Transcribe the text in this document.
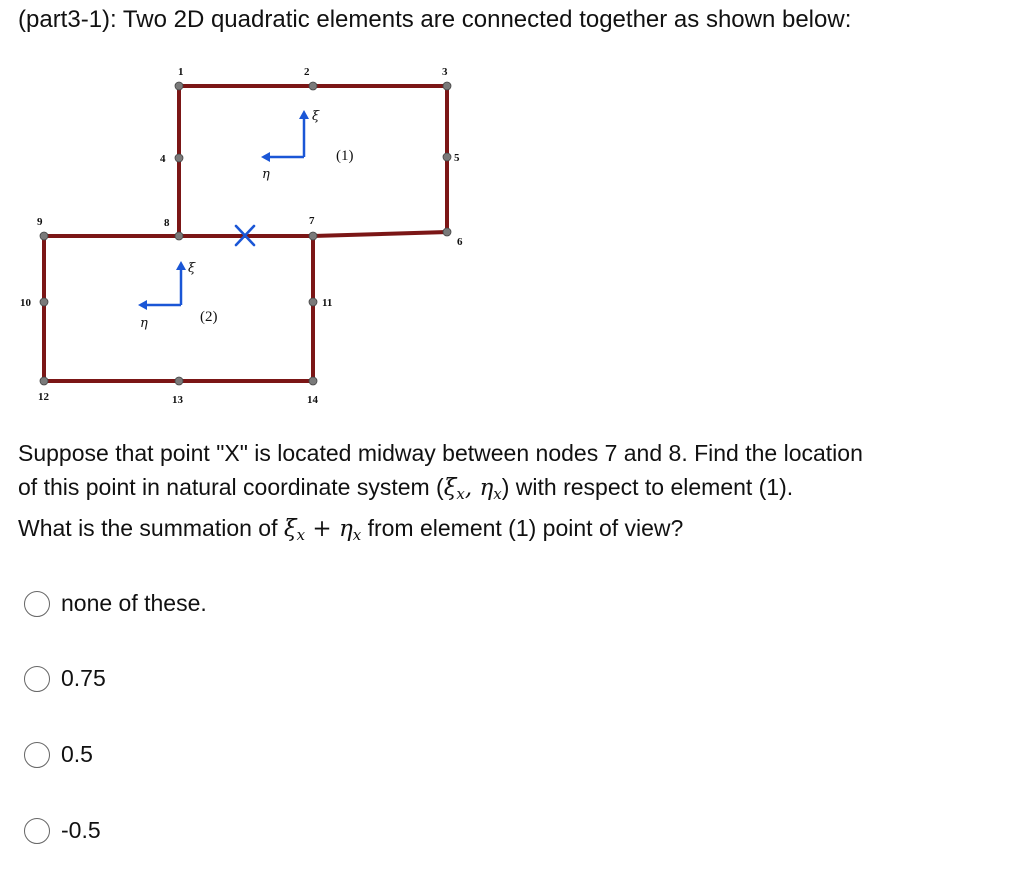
(part3-1): Two 2D quadratic elements are connected together as shown below:
1	2	3
4	5
6
7
8
9
10	11
12	13	14
(1)
(2)
ξ
η
ξ
η
Suppose that point "X" is located midway between nodes 7 and 8. Find the location
of this point in natural coordinate system ($\xi_x$, $\eta_x$) with respect to element (1).
What is the summation of $\xi_x + \eta_x$ from element (1) point of view?
none of these.
0.75
0.5
-0.5
